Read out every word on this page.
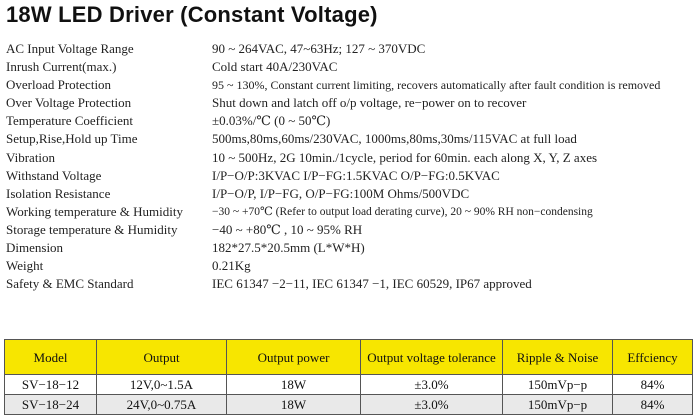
18W LED Driver (Constant Voltage)
AC Input Voltage Range	90 ~ 264VAC, 47~63Hz; 127 ~ 370VDC
Inrush Current(max.)	Cold start 40A/230VAC
Overload Protection	95 ~ 130%, Constant current limiting, recovers automatically after fault condition is removed
Over Voltage Protection	Shut down and latch off o/p voltage, re−power on to recover
Temperature Coefficient	±0.03%/℃ (0 ~ 50℃)
Setup,Rise,Hold up Time	500ms,80ms,60ms/230VAC, 1000ms,80ms,30ms/115VAC at full load
Vibration	10 ~ 500Hz, 2G 10min./1cycle, period for 60min. each along X, Y, Z axes
Withstand Voltage	I/P−O/P:3KVAC I/P−FG:1.5KVAC O/P−FG:0.5KVAC
Isolation Resistance	I/P−O/P, I/P−FG, O/P−FG:100M Ohms/500VDC
Working temperature & Humidity	−30 ~ +70℃ (Refer to output load derating curve), 20 ~ 90% RH non−condensing
Storage temperature & Humidity	−40 ~ +80℃ , 10 ~ 95% RH
Dimension	182*27.5*20.5mm (L*W*H)
Weight	0.21Kg
Safety & EMC Standard	IEC 61347 −2−11, IEC 61347 −1, IEC 60529, IP67 approved
Model	Output	Output power	Output voltage tolerance	Ripple & Noise	Effciency
SV−18−12	12V,0~1.5A	18W	±3.0%	150mVp−p	84%
SV−18−24	24V,0~0.75A	18W	±3.0%	150mVp−p	84%
